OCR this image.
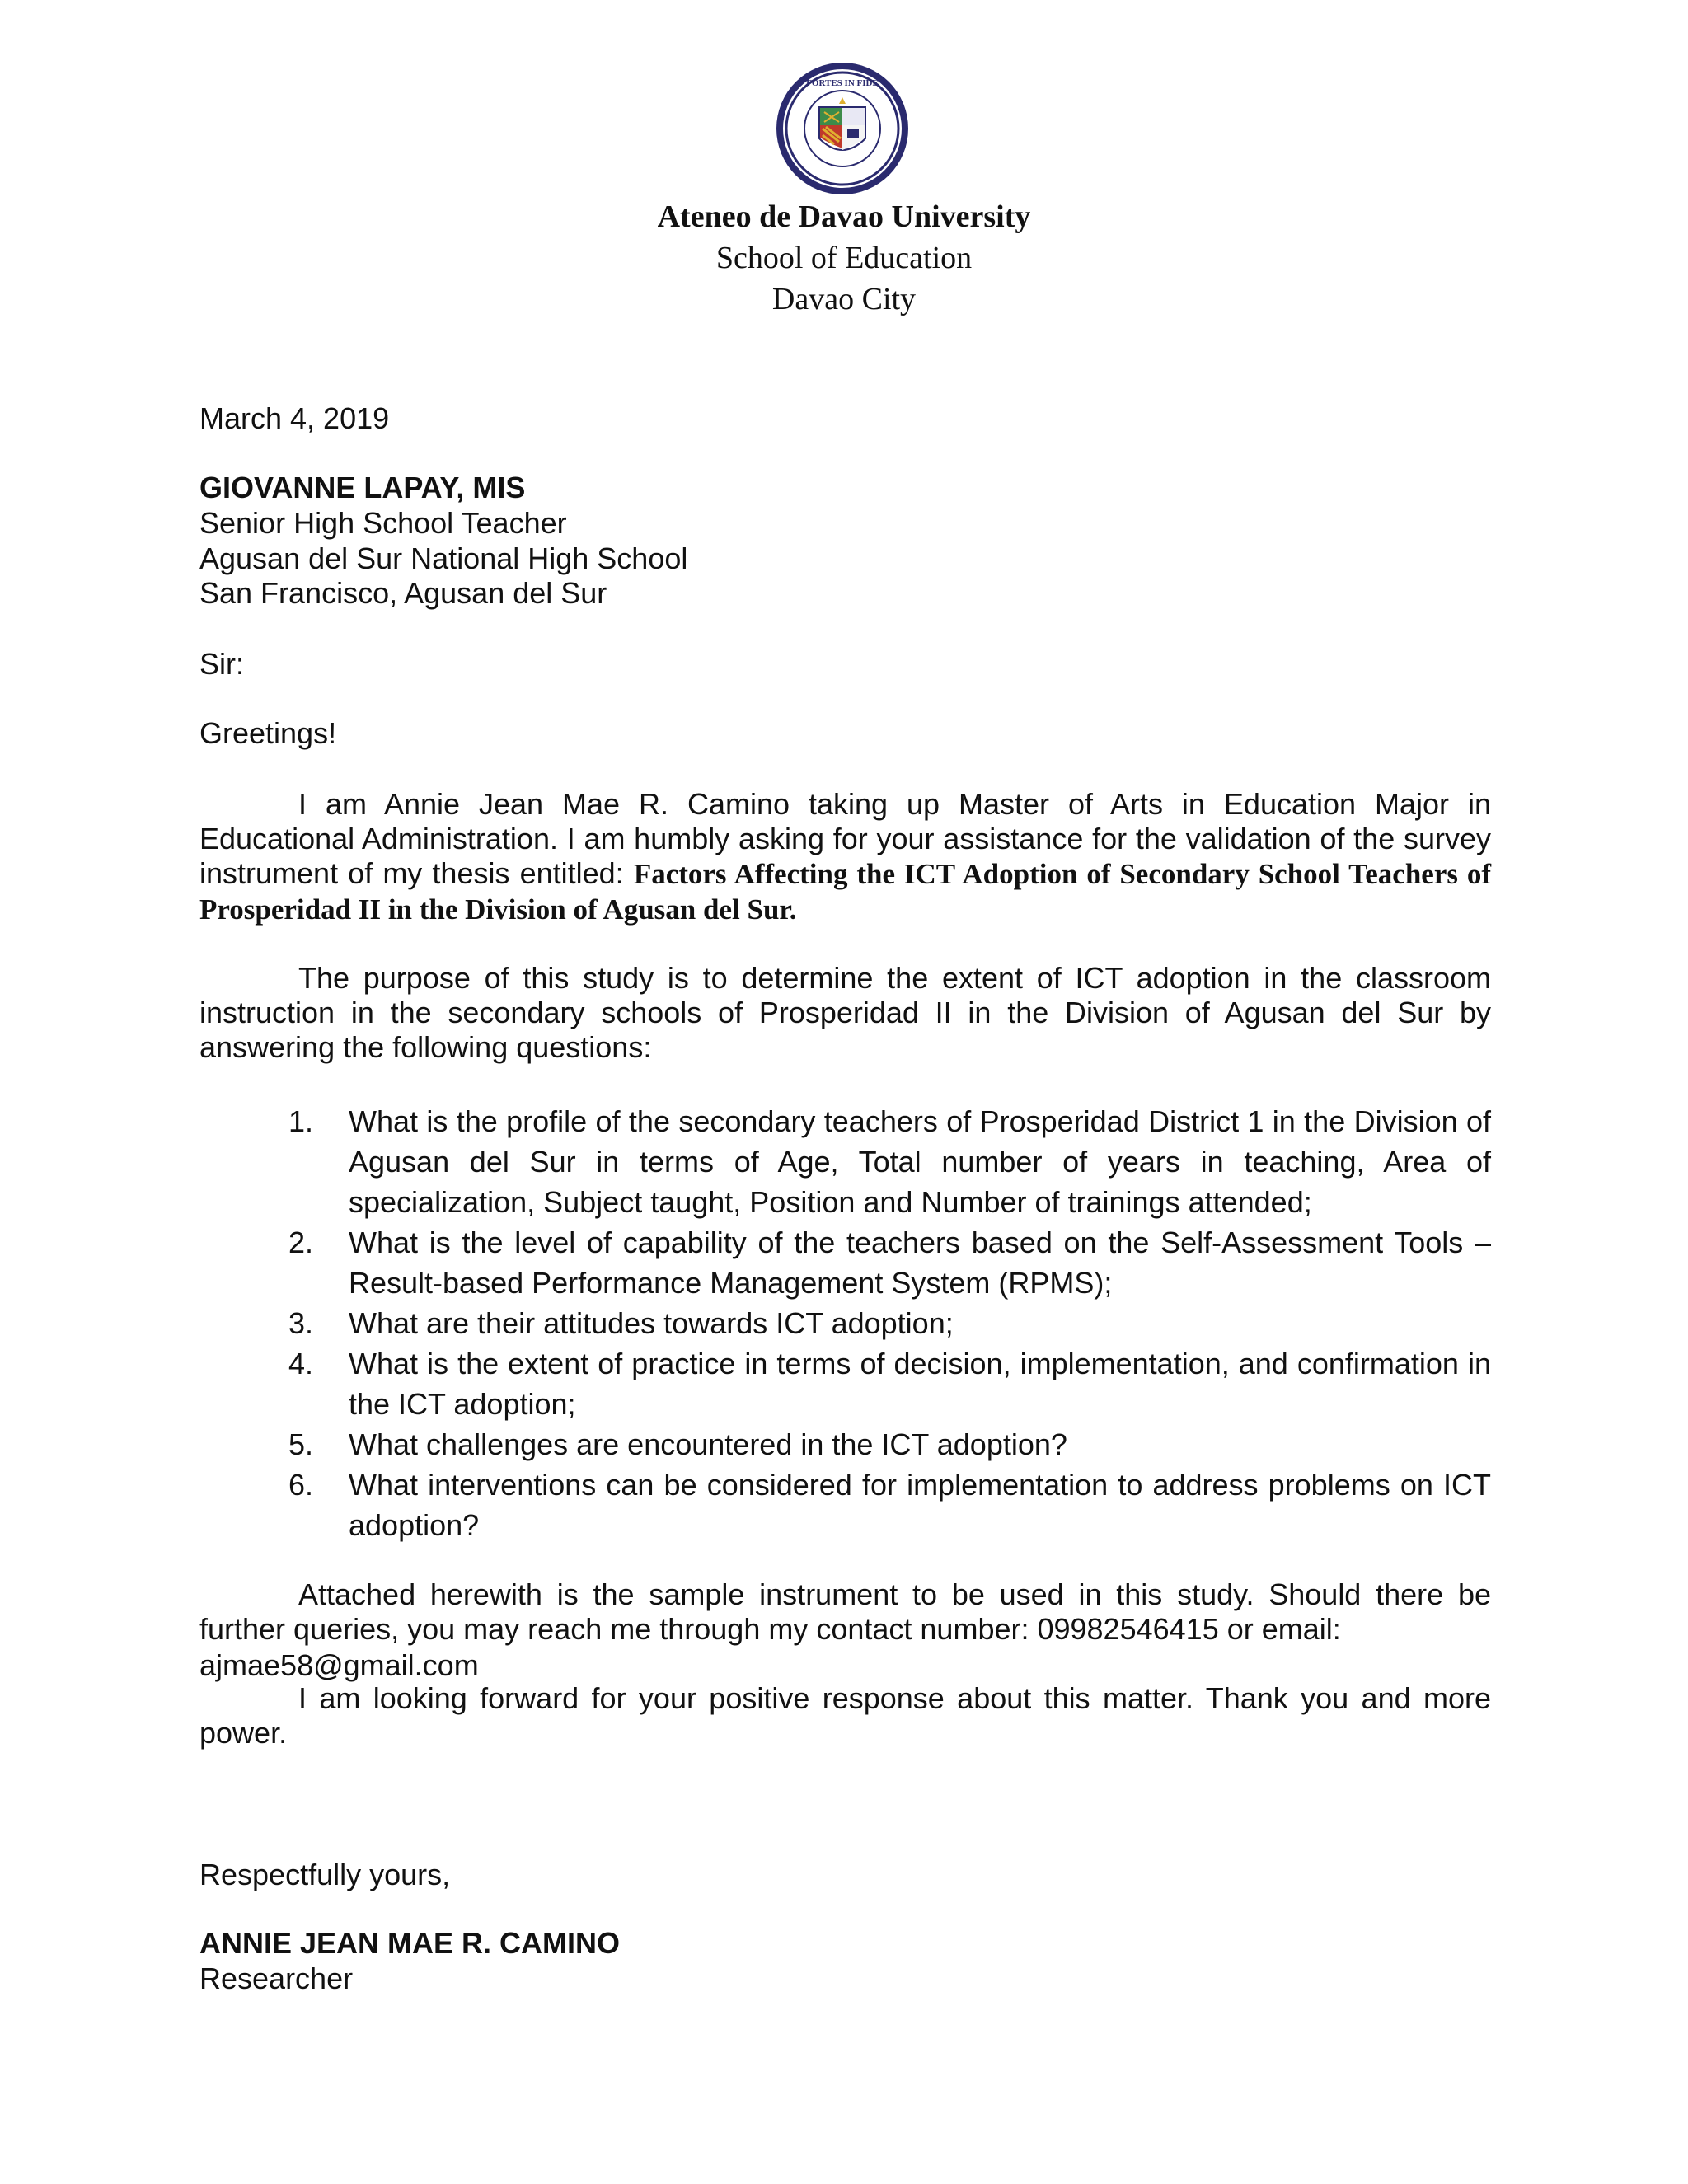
FORTES IN FIDE
Ateneo de Davao University
School of Education
Davao City
March 4, 2019
GIOVANNE LAPAY, MIS
Senior High School Teacher
Agusan del Sur National High School
San Francisco, Agusan del Sur
Sir:
Greetings!
I am Annie Jean Mae R. Camino taking up Master of Arts in Education Major in Educational Administration. I am humbly asking for your assistance for the validation of the survey instrument of my thesis entitled: Factors Affecting the ICT Adoption of Secondary School Teachers of Prosperidad II in the Division of Agusan del Sur.
The purpose of this study is to determine the extent of ICT adoption in the classroom instruction in the secondary schools of Prosperidad II in the Division of Agusan del Sur by answering the following questions:
1. What is the profile of the secondary teachers of Prosperidad District 1 in the Division of Agusan del Sur in terms of Age, Total number of years in teaching, Area of specialization, Subject taught, Position and Number of trainings attended;
2. What is the level of capability of the teachers based on the Self-Assessment Tools – Result-based Performance Management System (RPMS);
3. What are their attitudes towards ICT adoption;
4. What is the extent of practice in terms of decision, implementation, and confirmation in the ICT adoption;
5. What challenges are encountered in the ICT adoption?
6. What interventions can be considered for implementation to address problems on ICT adoption?
Attached herewith is the sample instrument to be used in this study. Should there be further queries, you may reach me through my contact number: 09982546415 or email:
ajmae58@gmail.com
I am looking forward for your positive response about this matter. Thank you and more power.
Respectfully yours,
ANNIE JEAN MAE R. CAMINO
Researcher
